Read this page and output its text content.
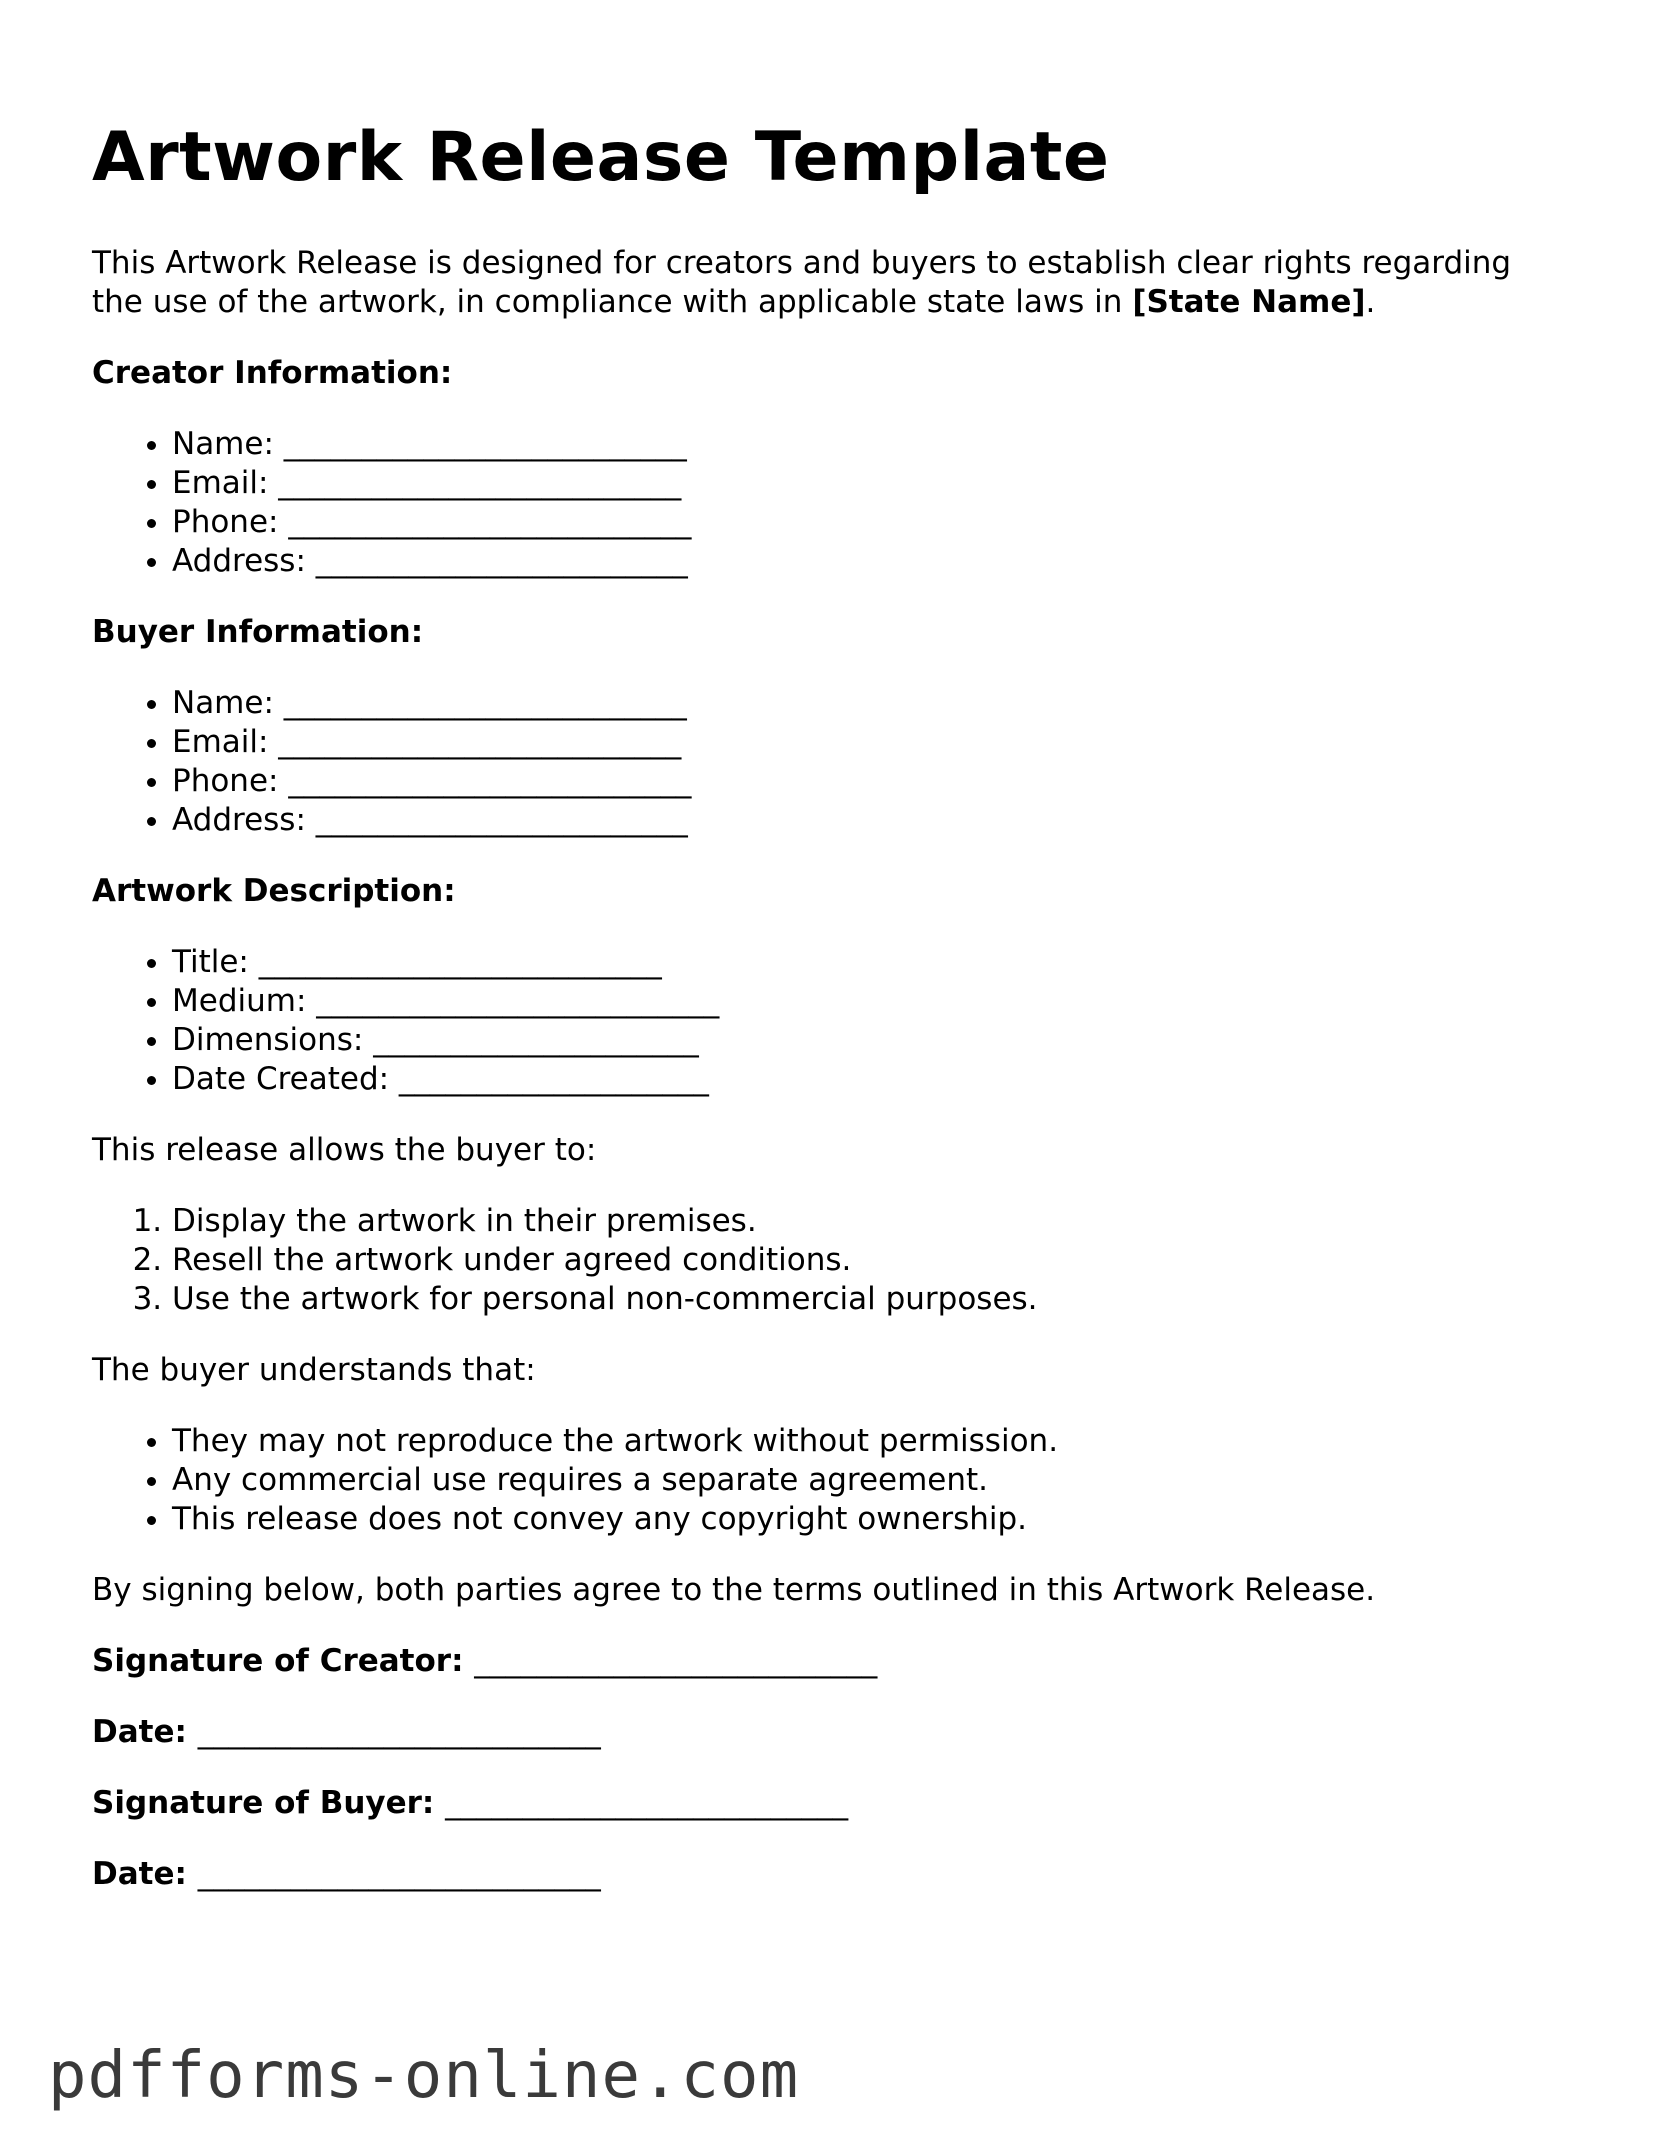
Artwork Release Template

This Artwork Release is designed for creators and buyers to establish clear rights regarding the use of the artwork, in compliance with applicable state laws in [State Name].

Creator Information:

• Name: __________________________
• Email: __________________________
• Phone: __________________________
• Address: ________________________

Buyer Information:

• Name: __________________________
• Email: __________________________
• Phone: __________________________
• Address: ________________________

Artwork Description:

• Title: __________________________
• Medium: __________________________
• Dimensions: _____________________
• Date Created: ____________________

This release allows the buyer to:

1. Display the artwork in their premises.
2. Resell the artwork under agreed conditions.
3. Use the artwork for personal non-commercial purposes.

The buyer understands that:

• They may not reproduce the artwork without permission.
• Any commercial use requires a separate agreement.
• This release does not convey any copyright ownership.

By signing below, both parties agree to the terms outlined in this Artwork Release.

Signature of Creator: __________________________

Date: __________________________

Signature of Buyer: __________________________

Date: __________________________

pdfforms-online.com
